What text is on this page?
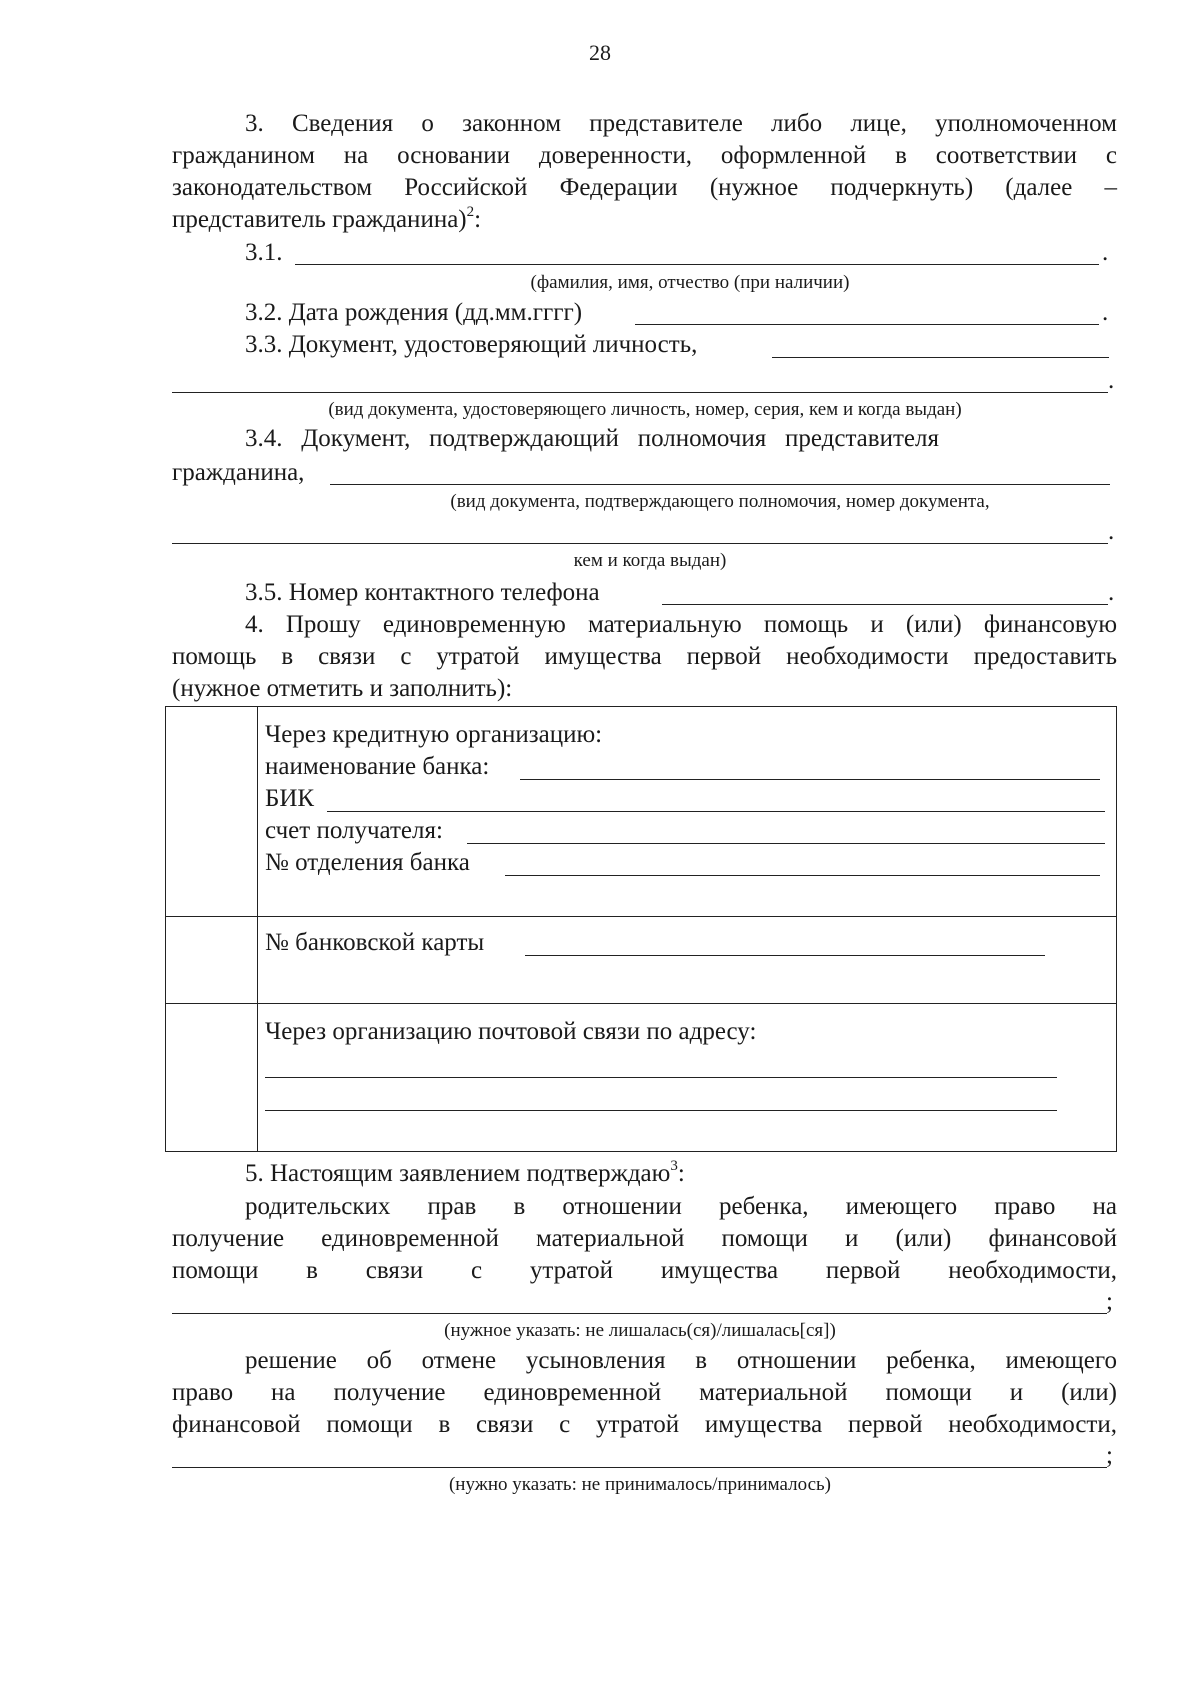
28
3. Сведения о законном представителе либо лице, уполномоченном
гражданином на основании доверенности, оформленной в соответствии с
законодательством Российской Федерации (нужное подчеркнуть) (далее –
представитель гражданина)$^2$:
3.1.	.
(фамилия, имя, отчество (при наличии)
3.2. Дата рождения (дд.мм.гггг)	.
3.3. Документ, удостоверяющий личность,
.
(вид документа, удостоверяющего личность, номер, серия, кем и когда выдан)
3.4.   Документ,   подтверждающий   полномочия   представителя
гражданина,
(вид документа, подтверждающего полномочия, номер документа,
.
кем и когда выдан)
3.5. Номер контактного телефона	.
4. Прошу единовременную материальную помощь и (или) финансовую
помощь в связи с утратой имущества первой необходимости предоставить
(нужное отметить и заполнить):
Через кредитную организацию:
наименование банка:
БИК
счет получателя:
№ отделения банка
№ банковской карты
Через организацию почтовой связи по адресу:
5. Настоящим заявлением подтверждаю$^3$:
родительских прав в отношении ребенка, имеющего право на
получение единовременной материальной помощи и (или) финансовой
помощи в связи с утратой имущества первой необходимости,
;
(нужное указать: не лишалась(ся)/лишалась[ся])
решение об отмене усыновления в отношении ребенка, имеющего
право на получение единовременной материальной помощи и (или)
финансовой помощи в связи с утратой имущества первой необходимости,
;
(нужно указать: не принималось/принималось)
